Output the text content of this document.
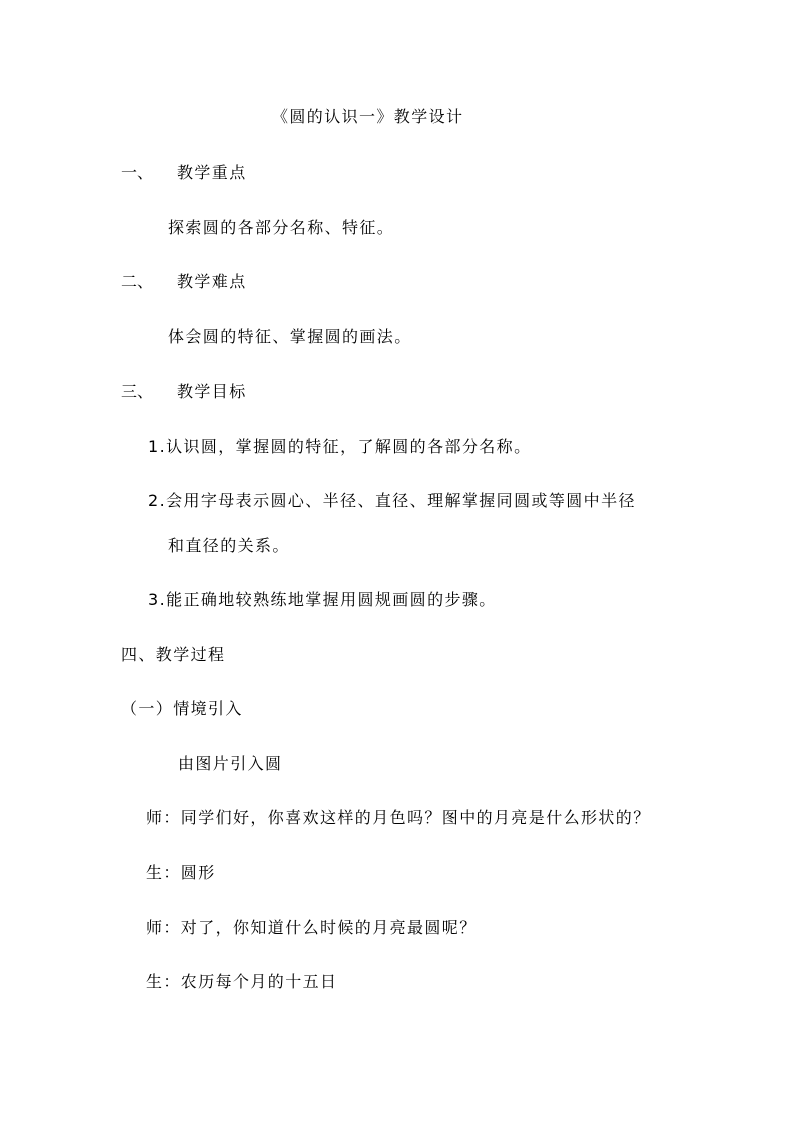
《圆的认识一》教学设计
一、 教学重点
探索圆的各部分名称、特征。
二、 教学难点
体会圆的特征、掌握圆的画法。
三、 教学目标
1.认识圆，掌握圆的特征，了解圆的各部分名称。
2.会用字母表示圆心、半径、直径、理解掌握同圆或等圆中半径
和直径的关系。
3.能正确地较熟练地掌握用圆规画圆的步骤。
四、教学过程
（一）情境引入
由图片引入圆
师：同学们好，你喜欢这样的月色吗？图中的月亮是什么形状的？
生：圆形
师：对了，你知道什么时候的月亮最圆呢？
生：农历每个月的十五日
